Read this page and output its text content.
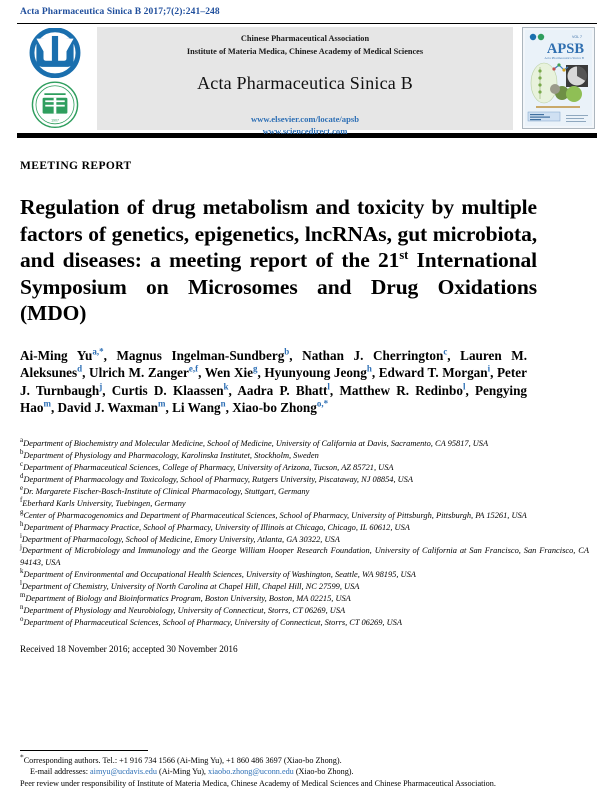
Acta Pharmaceutica Sinica B 2017;7(2):241–248
1907
Chinese Pharmaceutical Association
Institute of Materia Medica, Chinese Academy of Medical Sciences
Acta Pharmaceutica Sinica B
www.elsevier.com/locate/apsb
www.sciencedirect.com
VOL 7
APSB
Acta Pharmaceutica Sinica B
MEETING REPORT
Regulation of drug metabolism and toxicity by multiple factors of genetics, epigenetics, lncRNAs, gut microbiota, and diseases: a meeting report of the 21st International Symposium on Microsomes and Drug Oxidations (MDO)
Ai-Ming $Yu^{a,*}$, Magnus Ingelman-Sundberg$^b$, Nathan J. Cherrington$^c$, Lauren M. Aleksunes$^d$, Ulrich M. Zanger$^{e,f}$, Wen Xie$^g$, Hyunyoung Jeong$^h$, Edward T. Morgan$^i$, Peter J. Turnbaugh$^j$, Curtis D. Klaassen$^k$, Aadra P. Bhatt$^l$, Matthew R. Redinbo$^l$, Pengying Hao$^m$, David J. Waxman$^m$, Li Wang$^n$, Xiao-bo Zhong$^{o,*}$
$^a$Department of Biochemistry and Molecular Medicine, School of Medicine, University of California at Davis, Sacramento, CA 95817, USA
$^b$Department of Physiology and Pharmacology, Karolinska Institutet, Stockholm, Sweden
$^c$Department of Pharmaceutical Sciences, College of Pharmacy, University of Arizona, Tucson, AZ 85721, USA
$^d$Department of Pharmacology and Toxicology, School of Pharmacy, Rutgers University, Piscataway, NJ 08854, USA
$^e$Dr. Margarete Fischer-Bosch-Institute of Clinical Pharmacology, Stuttgart, Germany
$^f$Eberhard Karls University, Tuebingen, Germany
$^g$Center of Pharmacogenomics and Department of Pharmaceutical Sciences, School of Pharmacy, University of Pittsburgh, Pittsburgh, PA 15261, USA
$^h$Department of Pharmacy Practice, School of Pharmacy, University of Illinois at Chicago, Chicago, IL 60612, USA
$^i$Department of Pharmacology, School of Medicine, Emory University, Atlanta, GA 30322, USA
$^j$Department of Microbiology and Immunology and the George William Hooper Research Foundation, University of California at San Francisco, San Francisco, CA 94143, USA
$^k$Department of Environmental and Occupational Health Sciences, University of Washington, Seattle, WA 98195, USA
$^l$Department of Chemistry, University of North Carolina at Chapel Hill, Chapel Hill, NC 27599, USA
$^m$Department of Biology and Bioinformatics Program, Boston University, Boston, MA 02215, USA
$^n$Department of Physiology and Neurobiology, University of Connecticut, Storrs, CT 06269, USA
$^o$Department of Pharmaceutical Sciences, School of Pharmacy, University of Connecticut, Storrs, CT 06269, USA
Received 18 November 2016; accepted 30 November 2016
*Corresponding authors. Tel.: +1 916 734 1566 (Ai-Ming Yu), +1 860 486 3697 (Xiao-bo Zhong).
E-mail addresses: aimyu@ucdavis.edu (Ai-Ming Yu), xiaobo.zhong@uconn.edu (Xiao-bo Zhong).
Peer review under responsibility of Institute of Materia Medica, Chinese Academy of Medical Sciences and Chinese Pharmaceutical Association.
